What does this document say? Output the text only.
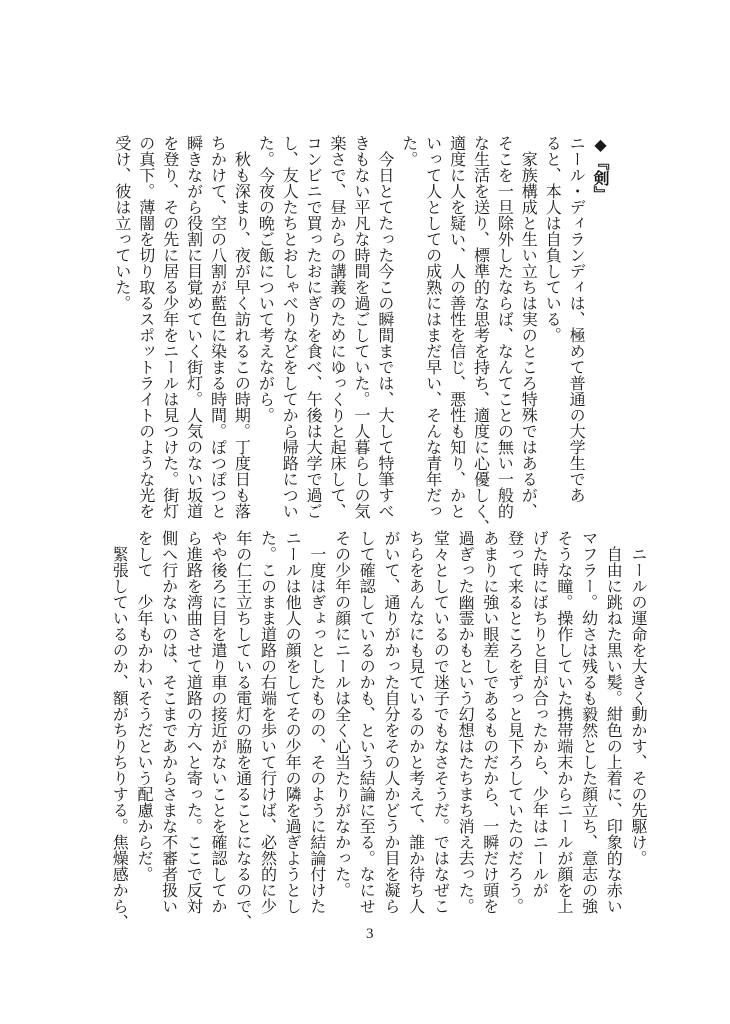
◆『剣』
ニール・ディランディは、極めて普通の大学生であ
ると、本人は自負している。
　家族構成と生い立ちは実のところ特殊ではあるが、
そこを一旦除外したならば、なんてことの無い一般的
な生活を送り、標準的な思考を持ち、適度に心優しく、
適度に人を疑い、人の善性を信じ、悪性も知り、かと
いって人としての成熟にはまだ早い、そんな青年だっ
た。
　今日とてたった今この瞬間までは、大して特筆すべ
きもない平凡な時間を過ごしていた。一人暮らしの気
楽さで、昼からの講義のためにゆっくりと起床して、
コンビニで買ったおにぎりを食べ、午後は大学で過ご
し、友人たちとおしゃべりなどをしてから帰路につい
た。今夜の晩ご飯について考えながら。
　秋も深まり、夜が早く訪れるこの時期。丁度日も落
ちかけて、空の八割が藍色に染まる時間。ぽつぽつと
瞬きながら役割に目覚めていく街灯。人気のない坂道
を登り、その先に居る少年をニールは見つけた。街灯
の真下。薄闇を切り取るスポットライトのような光を
受け、彼は立っていた。
　ニールの運命を大きく動かす、その先駆け。
　自由に跳ねた黒い髪。紺色の上着に、印象的な赤い
マフラー。幼さは残るも毅然とした顔立ち、意志の強
そうな瞳。操作していた携帯端末からニールが顔を上
げた時にばちりと目が合ったから、少年はニールが
登って来るところをずっと見下ろしていたのだろう。
あまりに強い眼差しであるものだから、一瞬だけ頭を
過ぎった幽霊かもという幻想はたちまち消え去った。
堂々としているので迷子でもなさそうだ。ではなぜこ
ちらをあんなにも見ているのかと考えて、誰か待ち人
がいて、通りがかった自分をその人かどうか目を凝ら
して確認しているのかも、という結論に至る。なにせ
その少年の顔にニールは全く心当たりがなかった。
　一度はぎょっとしたものの、そのように結論付けた
ニールは他人の顔をしてその少年の隣を過ぎようとし
た。このまま道路の右端を歩いて行けば、必然的に少
年の仁王立ちしている電灯の脇を通ることになるので、
やや後ろに目を遣り車の接近がないことを確認してか
ら進路を湾曲させて道路の方へと寄った。ここで反対
側へ行かないのは、そこまであからさまな不審者扱い
をして　少年もかわいそうだという配慮からだ。
　緊張しているのか、額がちりちりする。焦燥感から、
3
